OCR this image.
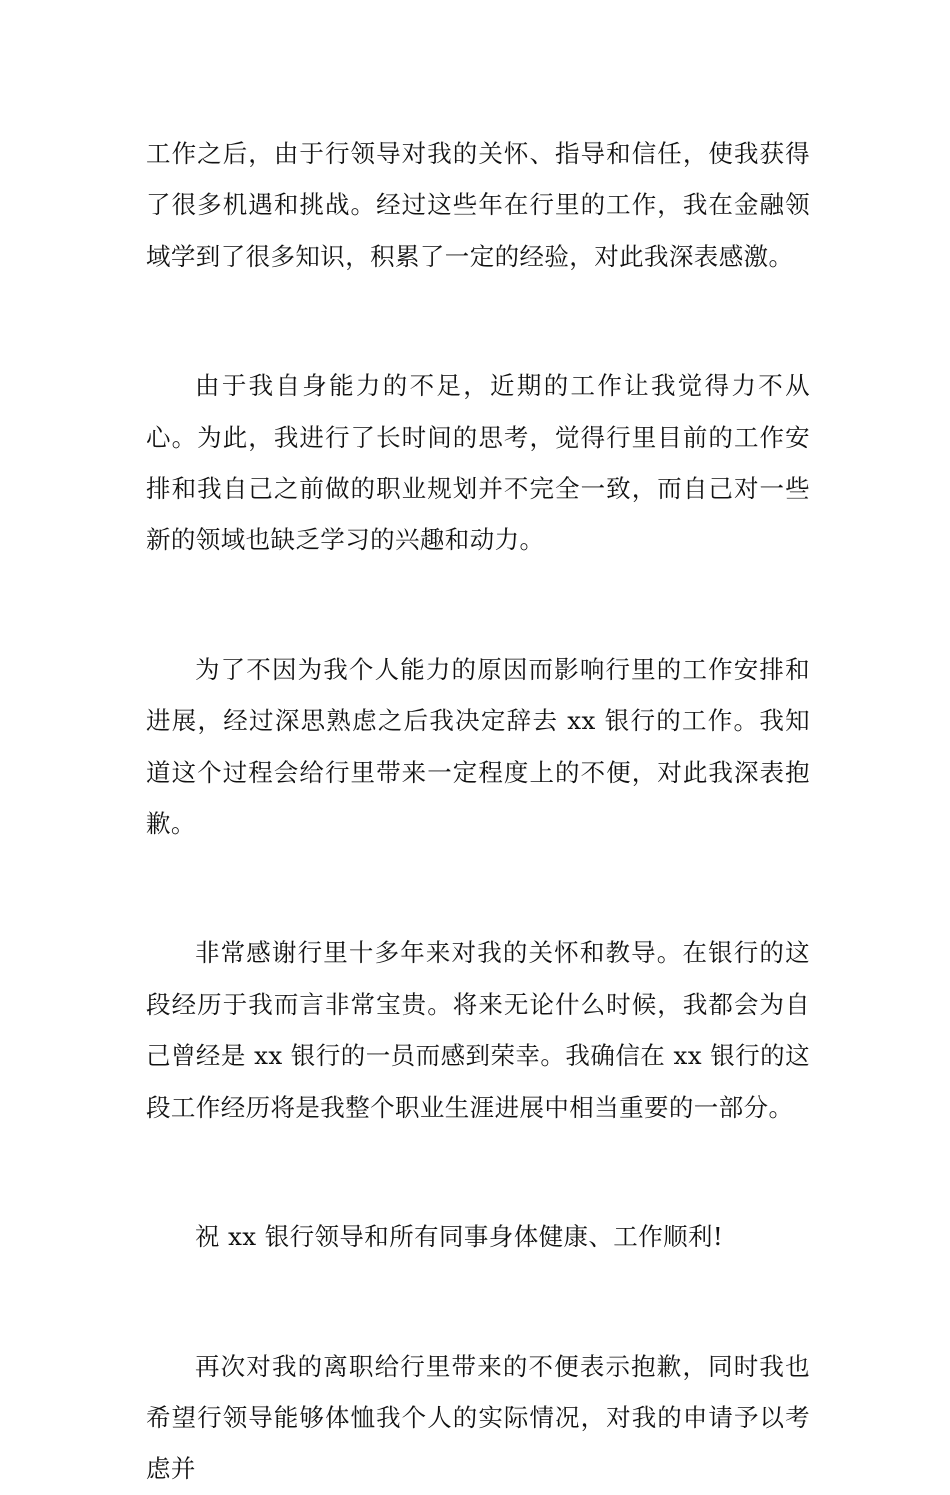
工作之后，由于行领导对我的关怀、指导和信任，使我获得了很多机遇和挑战。经过这些年在行里的工作，我在金融领域学到了很多知识，积累了一定的经验，对此我深表感激。

由于我自身能力的不足，近期的工作让我觉得力不从心。为此，我进行了长时间的思考，觉得行里目前的工作安排和我自己之前做的职业规划并不完全一致，而自己对一些新的领域也缺乏学习的兴趣和动力。

为了不因为我个人能力的原因而影响行里的工作安排和进展，经过深思熟虑之后我决定辞去 xx 银行的工作。我知道这个过程会给行里带来一定程度上的不便，对此我深表抱歉。

非常感谢行里十多年来对我的关怀和教导。在银行的这段经历于我而言非常宝贵。将来无论什么时候，我都会为自己曾经是 xx 银行的一员而感到荣幸。我确信在 xx 银行的这段工作经历将是我整个职业生涯进展中相当重要的一部分。

祝 xx 银行领导和所有同事身体健康、工作顺利!

再次对我的离职给行里带来的不便表示抱歉，同时我也希望行领导能够体恤我个人的实际情况，对我的申请予以考虑并
